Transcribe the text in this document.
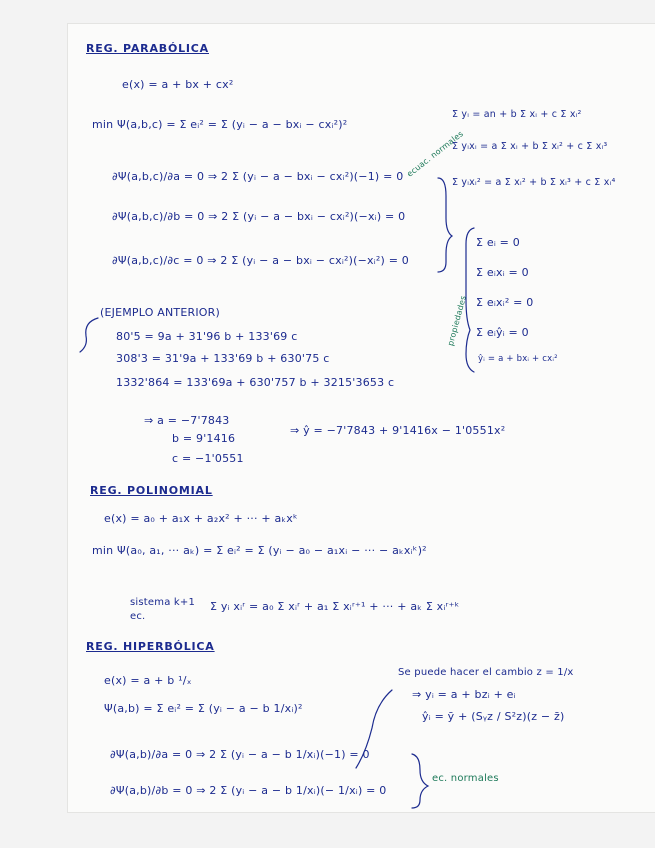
REG. PARABÓLICA
e(x) = a + bx + cx²
min Ψ(a,b,c) = Σ eᵢ² = Σ (yᵢ − a − bxᵢ − cxᵢ²)²
∂Ψ(a,b,c)/∂a = 0 ⇒ 2 Σ (yᵢ − a − bxᵢ − cxᵢ²)(−1) = 0
∂Ψ(a,b,c)/∂b = 0 ⇒ 2 Σ (yᵢ − a − bxᵢ − cxᵢ²)(−xᵢ) = 0
∂Ψ(a,b,c)/∂c = 0 ⇒ 2 Σ (yᵢ − a − bxᵢ − cxᵢ²)(−xᵢ²) = 0
ecuac. normales
Σ yᵢ = an + b Σ xᵢ + c Σ xᵢ²
Σ yᵢxᵢ = a Σ xᵢ + b Σ xᵢ² + c Σ xᵢ³
Σ yᵢxᵢ² = a Σ xᵢ² + b Σ xᵢ³ + c Σ xᵢ⁴
propiedades
Σ eᵢ = 0
Σ eᵢxᵢ = 0
Σ eᵢxᵢ² = 0
Σ eᵢŷᵢ = 0
ŷᵢ = a + bxᵢ + cxᵢ²
(EJEMPLO ANTERIOR)
80'5 = 9a + 31'96 b + 133'69 c
308'3 = 31'9a + 133'69 b + 630'75 c
1332'864 = 133'69a + 630'757 b + 3215'3653 c
⇒ a = −7'7843
b = 9'1416
c = −1'0551
⇒ ŷ = −7'7843 + 9'1416x − 1'0551x²
REG. POLINOMIAL
e(x) = a₀ + a₁x + a₂x² + ··· + aₖxᵏ
min Ψ(a₀, a₁, ··· aₖ) = Σ eᵢ² = Σ (yᵢ − a₀ − a₁xᵢ − ··· − aₖxᵢᵏ)²
sistema k+1 ec.
Σ yᵢ xᵢʳ = a₀ Σ xᵢʳ + a₁ Σ xᵢʳ⁺¹ + ··· + aₖ Σ xᵢʳ⁺ᵏ
REG. HIPERBÓLICA
e(x) = a + b ¹/ₓ
Ψ(a,b) = Σ eᵢ² = Σ (yᵢ − a − b 1/xᵢ)²
∂Ψ(a,b)/∂a = 0 ⇒ 2 Σ (yᵢ − a − b 1/xᵢ)(−1) = 0
∂Ψ(a,b)/∂b = 0 ⇒ 2 Σ (yᵢ − a − b 1/xᵢ)(− 1/xᵢ) = 0
Se puede hacer el cambio z = 1/x
⇒ yᵢ = a + bzᵢ + eᵢ
ŷᵢ = ȳ + (Sᵧz / S²z)(z − z̄)
ec. normales
